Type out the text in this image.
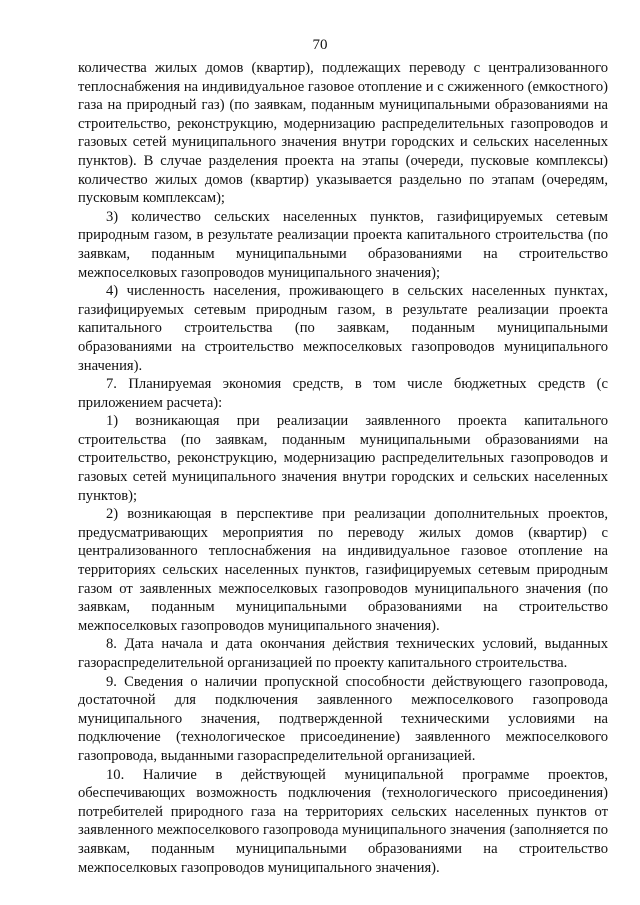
70

количества жилых домов (квартир), подлежащих переводу с централизованного теплоснабжения на индивидуальное газовое отопление и с сжиженного (емкостного) газа на природный газ) (по заявкам, поданным муниципальными образованиями на строительство, реконструкцию, модернизацию распределительных газопроводов и газовых сетей муниципального значения внутри городских и сельских населенных пунктов). В случае разделения проекта на этапы (очереди, пусковые комплексы) количество жилых домов (квартир) указывается раздельно по этапам (очередям, пусковым комплексам);

3) количество сельских населенных пунктов, газифицируемых сетевым природным газом, в результате реализации проекта капитального строительства (по заявкам, поданным муниципальными образованиями на строительство межпоселковых газопроводов муниципального значения);

4) численность населения, проживающего в сельских населенных пунктах, газифицируемых сетевым природным газом, в результате реализации проекта капитального строительства (по заявкам, поданным муниципальными образованиями на строительство межпоселковых газопроводов муниципального значения).

7. Планируемая экономия средств, в том числе бюджетных средств (с приложением расчета):

1) возникающая при реализации заявленного проекта капитального строительства (по заявкам, поданным муниципальными образованиями на строительство, реконструкцию, модернизацию распределительных газопроводов и газовых сетей муниципального значения внутри городских и сельских населенных пунктов);

2) возникающая в перспективе при реализации дополнительных проектов, предусматривающих мероприятия по переводу жилых домов (квартир) с централизованного теплоснабжения на индивидуальное газовое отопление на территориях сельских населенных пунктов, газифицируемых сетевым природным газом от заявленных межпоселковых газопроводов муниципального значения (по заявкам, поданным муниципальными образованиями на строительство межпоселковых газопроводов муниципального значения).

8. Дата начала и дата окончания действия технических условий, выданных газораспределительной организацией по проекту капитального строительства.

9. Сведения о наличии пропускной способности действующего газопровода, достаточной для подключения заявленного межпоселкового газопровода муниципального значения, подтвержденной техническими условиями на подключение (технологическое присоединение) заявленного межпоселкового газопровода, выданными газораспределительной организацией.

10. Наличие в действующей муниципальной программе проектов, обеспечивающих возможность подключения (технологического присоединения) потребителей природного газа на территориях сельских населенных пунктов от заявленного межпоселкового газопровода муниципального значения (заполняется по заявкам, поданным муниципальными образованиями на строительство межпоселковых газопроводов муниципального значения).
